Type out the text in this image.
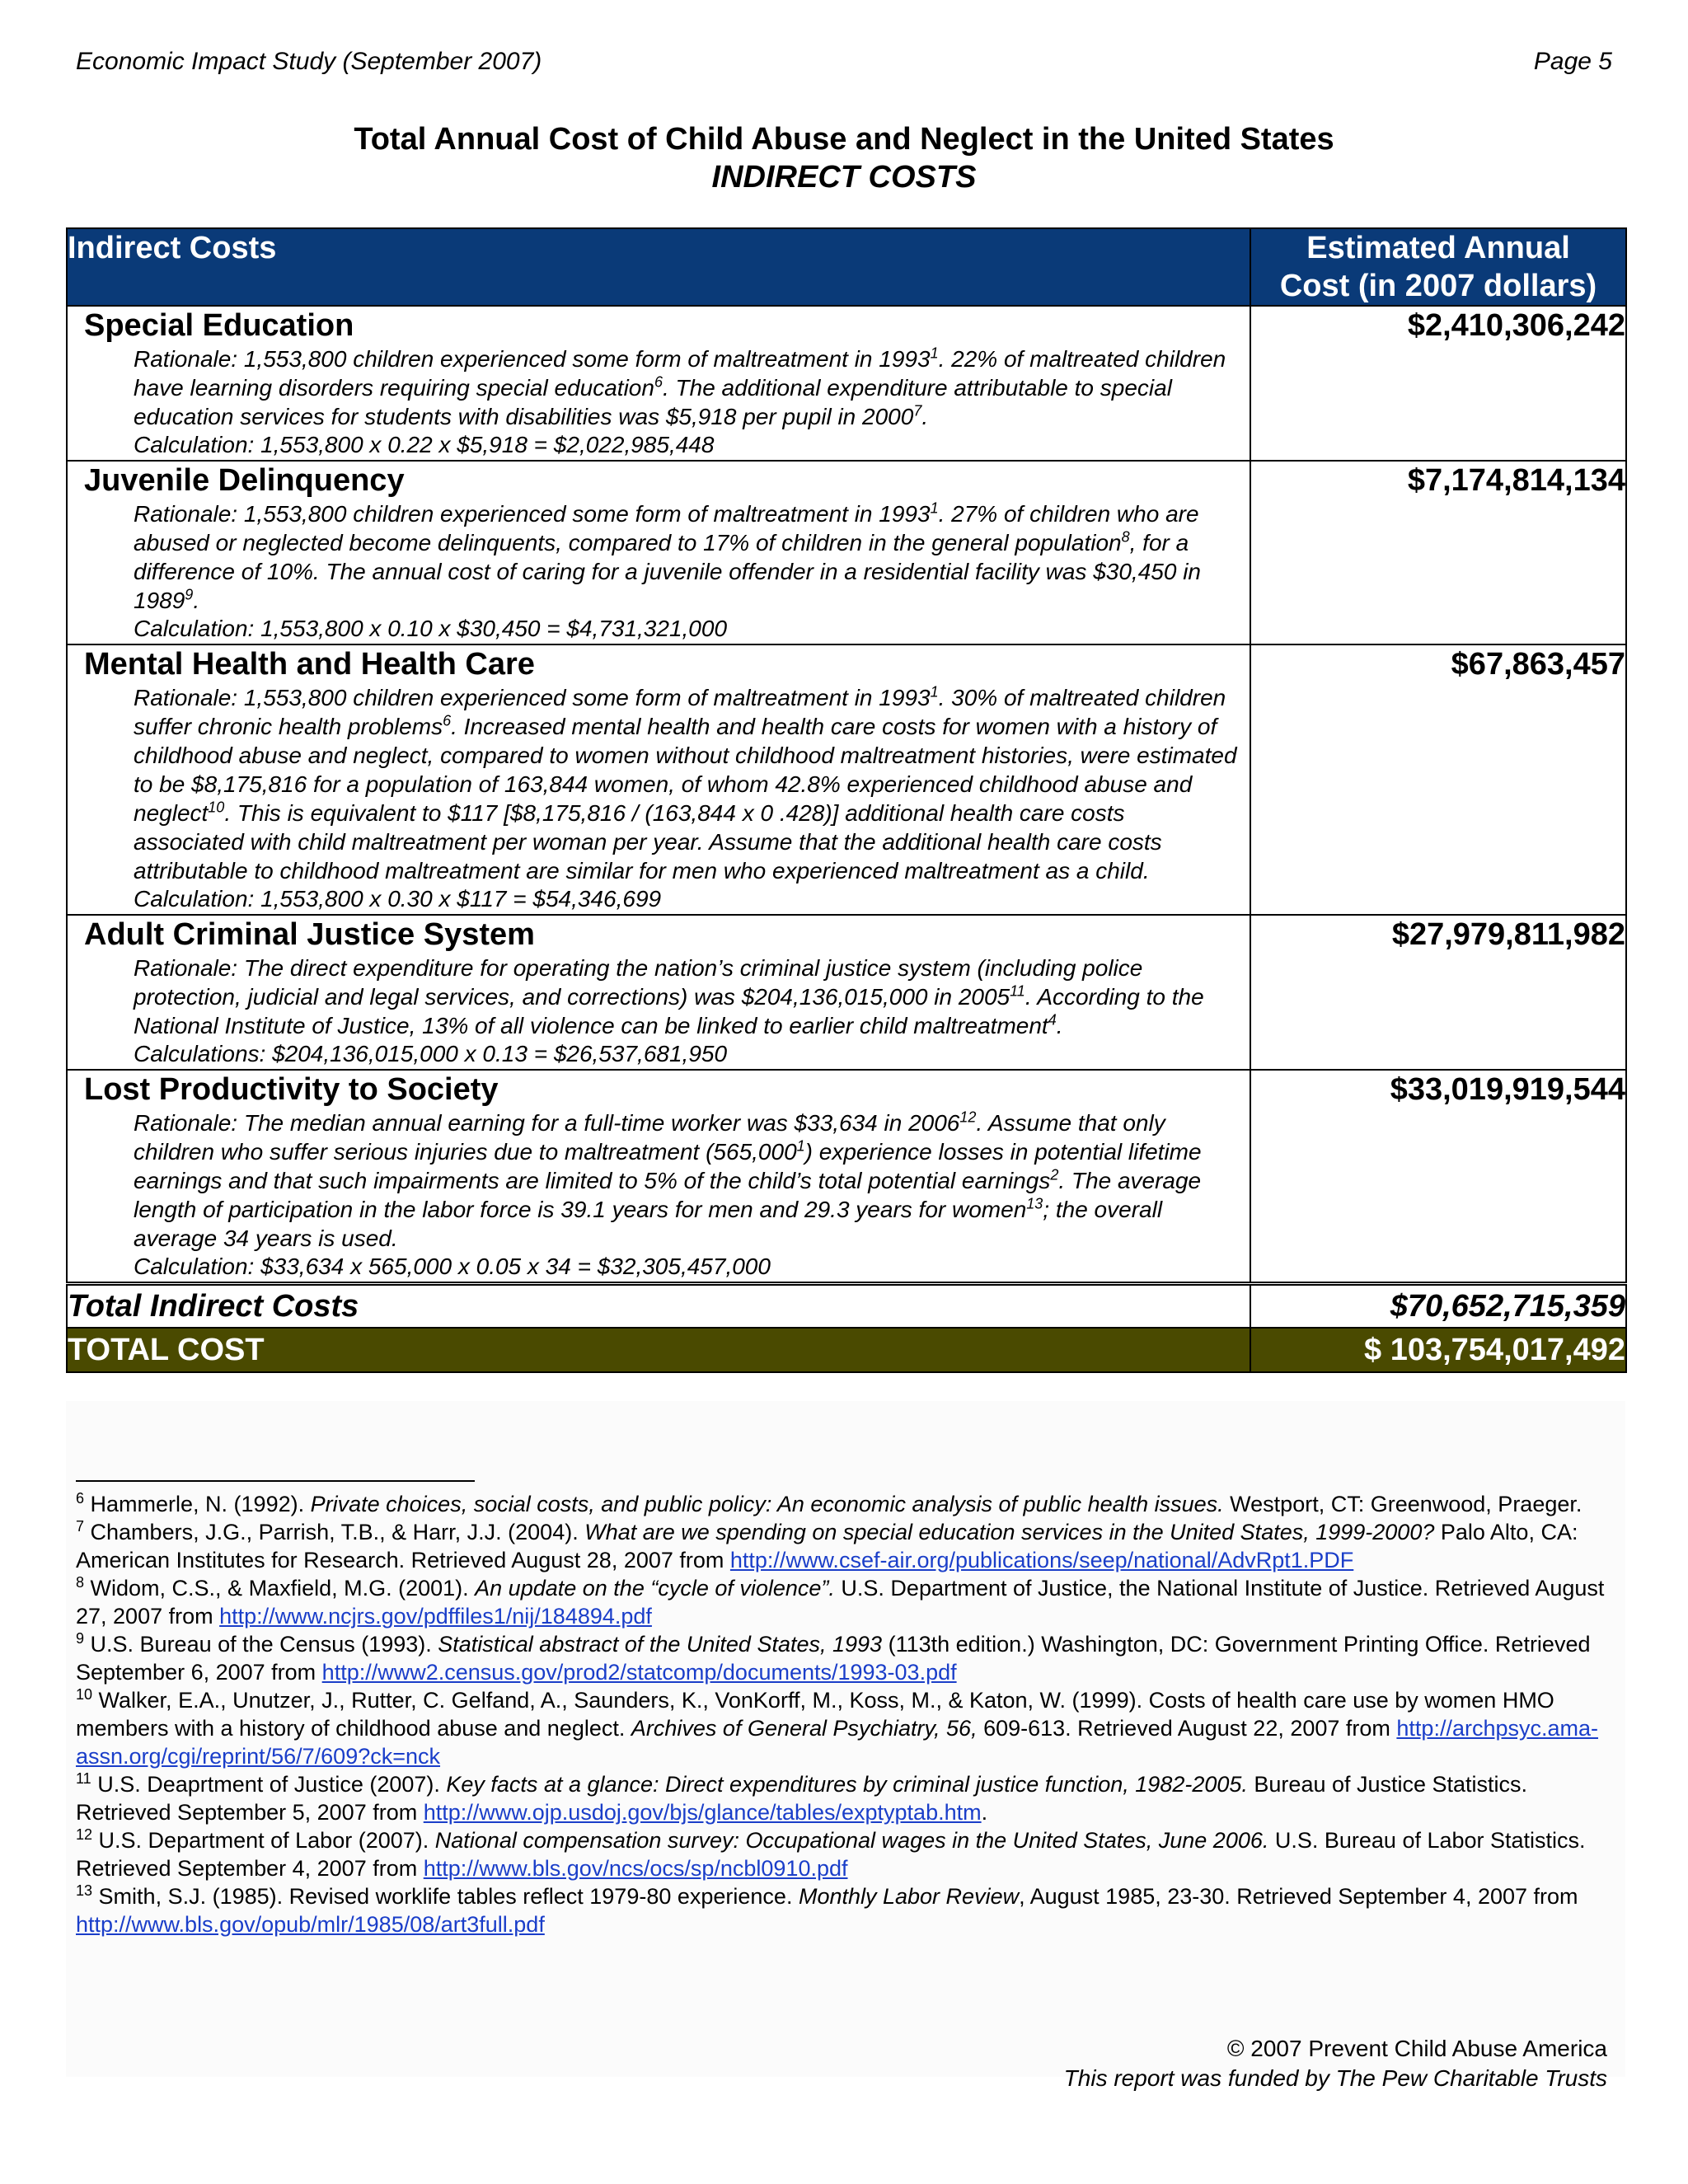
Economic Impact Study (September 2007)	Page 5
Total Annual Cost of Child Abuse and Neglect in the United States
INDIRECT COSTS
Indirect Costs	Estimated Annual
Cost (in 2007 dollars)

Special Education
Rationale: 1,553,800 children experienced some form of maltreatment in 1993$^1$. 22% of maltreated children have learning disorders requiring special education$^6$. The additional expenditure attributable to special education services for students with disabilities was $5,918 per pupil in 2000$^7$.
Calculation: 1,553,800 x 0.22 x $5,918 = $2,022,985,448	$2,410,306,242

Juvenile Delinquency
Rationale: 1,553,800 children experienced some form of maltreatment in 1993$^1$. 27% of children who are abused or neglected become delinquents, compared to 17% of children in the general population$^8$, for a difference of 10%. The annual cost of caring for a juvenile offender in a residential facility was $30,450 in 1989$^9$.
Calculation: 1,553,800 x 0.10 x $30,450 = $4,731,321,000	$7,174,814,134

Mental Health and Health Care
Rationale: 1,553,800 children experienced some form of maltreatment in 1993$^1$. 30% of maltreated children suffer chronic health problems$^6$. Increased mental health and health care costs for women with a history of childhood abuse and neglect, compared to women without childhood maltreatment histories, were estimated to be $8,175,816 for a population of 163,844 women, of whom 42.8% experienced childhood abuse and neglect$^{10}$. This is equivalent to $117 [$8,175,816 / (163,844 x 0 .428)] additional health care costs associated with child maltreatment per woman per year. Assume that the additional health care costs attributable to childhood maltreatment are similar for men who experienced maltreatment as a child.
Calculation: 1,553,800 x 0.30 x $117 = $54,346,699	$67,863,457

Adult Criminal Justice System
Rationale: The direct expenditure for operating the nation’s criminal justice system (including police protection, judicial and legal services, and corrections) was $204,136,015,000 in 2005$^{11}$. According to the National Institute of Justice, 13% of all violence can be linked to earlier child maltreatment$^4$.
Calculations: $204,136,015,000 x 0.13 = $26,537,681,950	$27,979,811,982

Lost Productivity to Society
Rationale: The median annual earning for a full-time worker was $33,634 in 2006$^{12}$. Assume that only children who suffer serious injuries due to maltreatment (565,000$^1$) experience losses in potential lifetime earnings and that such impairments are limited to 5% of the child’s total potential earnings$^2$. The average length of participation in the labor force is 39.1 years for men and 29.3 years for women$^{13}$; the overall average 34 years is used.
Calculation: $33,634 x 565,000 x 0.05 x 34 = $32,305,457,000	$33,019,919,544
Total Indirect Costs	$70,652,715,359
TOTAL COST	$ 103,754,017,492

$^6$ Hammerle, N. (1992). Private choices, social costs, and public policy: An economic analysis of public health issues. Westport, CT: Greenwood, Praeger.

$^7$ Chambers, J.G., Parrish, T.B., & Harr, J.J. (2004). What are we spending on special education services in the United States, 1999-2000? Palo Alto, CA: American Institutes for Research. Retrieved August 28, 2007 from http://www.csef-air.org/publications/seep/national/AdvRpt1.PDF

$^8$ Widom, C.S., & Maxfield, M.G. (2001). An update on the “cycle of violence”. U.S. Department of Justice, the National Institute of Justice. Retrieved August 27, 2007 from http://www.ncjrs.gov/pdffiles1/nij/184894.pdf

$^9$ U.S. Bureau of the Census (1993). Statistical abstract of the United States, 1993 (113th edition.) Washington, DC: Government Printing Office. Retrieved September 6, 2007 from http://www2.census.gov/prod2/statcomp/documents/1993-03.pdf

$^{10}$ Walker, E.A., Unutzer, J., Rutter, C. Gelfand, A., Saunders, K., VonKorff, M., Koss, M., & Katon, W. (1999). Costs of health care use by women HMO members with a history of childhood abuse and neglect. Archives of General Psychiatry, 56, 609-613. Retrieved August 22, 2007 from http://archpsyc.ama-assn.org/cgi/reprint/56/7/609?ck=nck

$^{11}$ U.S. Deaprtment of Justice (2007). Key facts at a glance: Direct expenditures by criminal justice function, 1982-2005. Bureau of Justice Statistics. Retrieved September 5, 2007 from http://www.ojp.usdoj.gov/bjs/glance/tables/exptyptab.htm.

$^{12}$ U.S. Department of Labor (2007). National compensation survey: Occupational wages in the United States, June 2006. U.S. Bureau of Labor Statistics. Retrieved September 4, 2007 from http://www.bls.gov/ncs/ocs/sp/ncbl0910.pdf

$^{13}$ Smith, S.J. (1985). Revised worklife tables reflect 1979-80 experience. Monthly Labor Review, August 1985, 23-30. Retrieved September 4, 2007 from http://www.bls.gov/opub/mlr/1985/08/art3full.pdf

© 2007 Prevent Child Abuse America
This report was funded by The Pew Charitable Trusts
